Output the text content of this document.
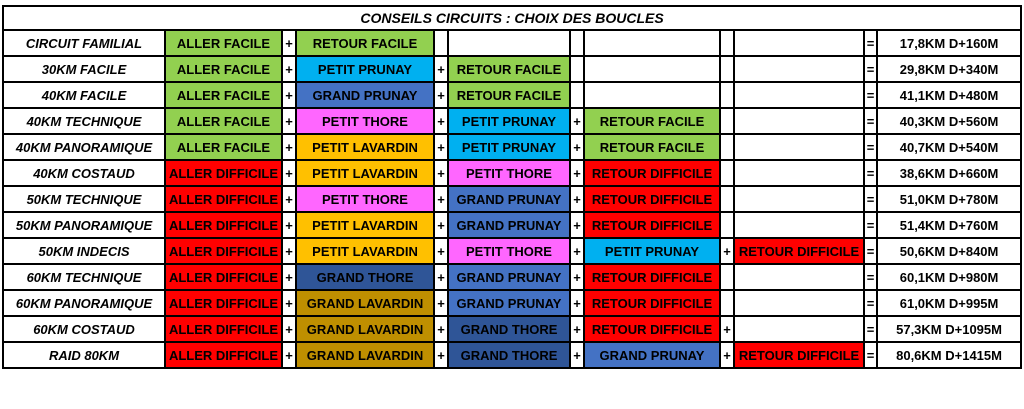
CONSEILS CIRCUITS : CHOIX DES BOUCLES											
CIRCUIT FAMILIAL	ALLER FACILE	+	RETOUR FACILE							=	17,8KM D+160M
30KM FACILE	ALLER FACILE	+	PETIT PRUNAY	+	RETOUR FACILE					=	29,8KM D+340M
40KM FACILE	ALLER FACILE	+	GRAND PRUNAY	+	RETOUR FACILE					=	41,1KM D+480M
40KM TECHNIQUE	ALLER FACILE	+	PETIT THORE	+	PETIT PRUNAY	+	RETOUR FACILE			=	40,3KM D+560M
40KM PANORAMIQUE	ALLER FACILE	+	PETIT LAVARDIN	+	PETIT PRUNAY	+	RETOUR FACILE			=	40,7KM D+540M
40KM COSTAUD	ALLER DIFFICILE	+	PETIT LAVARDIN	+	PETIT THORE	+	RETOUR DIFFICILE			=	38,6KM D+660M
50KM TECHNIQUE	ALLER DIFFICILE	+	PETIT THORE	+	GRAND PRUNAY	+	RETOUR DIFFICILE			=	51,0KM D+780M
50KM PANORAMIQUE	ALLER DIFFICILE	+	PETIT LAVARDIN	+	GRAND PRUNAY	+	RETOUR DIFFICILE			=	51,4KM D+760M
50KM INDECIS	ALLER DIFFICILE	+	PETIT LAVARDIN	+	PETIT THORE	+	PETIT PRUNAY	+	RETOUR DIFFICILE	=	50,6KM D+840M
60KM TECHNIQUE	ALLER DIFFICILE	+	GRAND THORE	+	GRAND PRUNAY	+	RETOUR DIFFICILE			=	60,1KM D+980M
60KM PANORAMIQUE	ALLER DIFFICILE	+	GRAND LAVARDIN	+	GRAND PRUNAY	+	RETOUR DIFFICILE			=	61,0KM D+995M
60KM COSTAUD	ALLER DIFFICILE	+	GRAND LAVARDIN	+	GRAND THORE	+	RETOUR DIFFICILE	+		=	57,3KM D+1095M
RAID 80KM	ALLER DIFFICILE	+	GRAND LAVARDIN	+	GRAND THORE	+	GRAND PRUNAY	+	RETOUR DIFFICILE	=	80,6KM D+1415M
